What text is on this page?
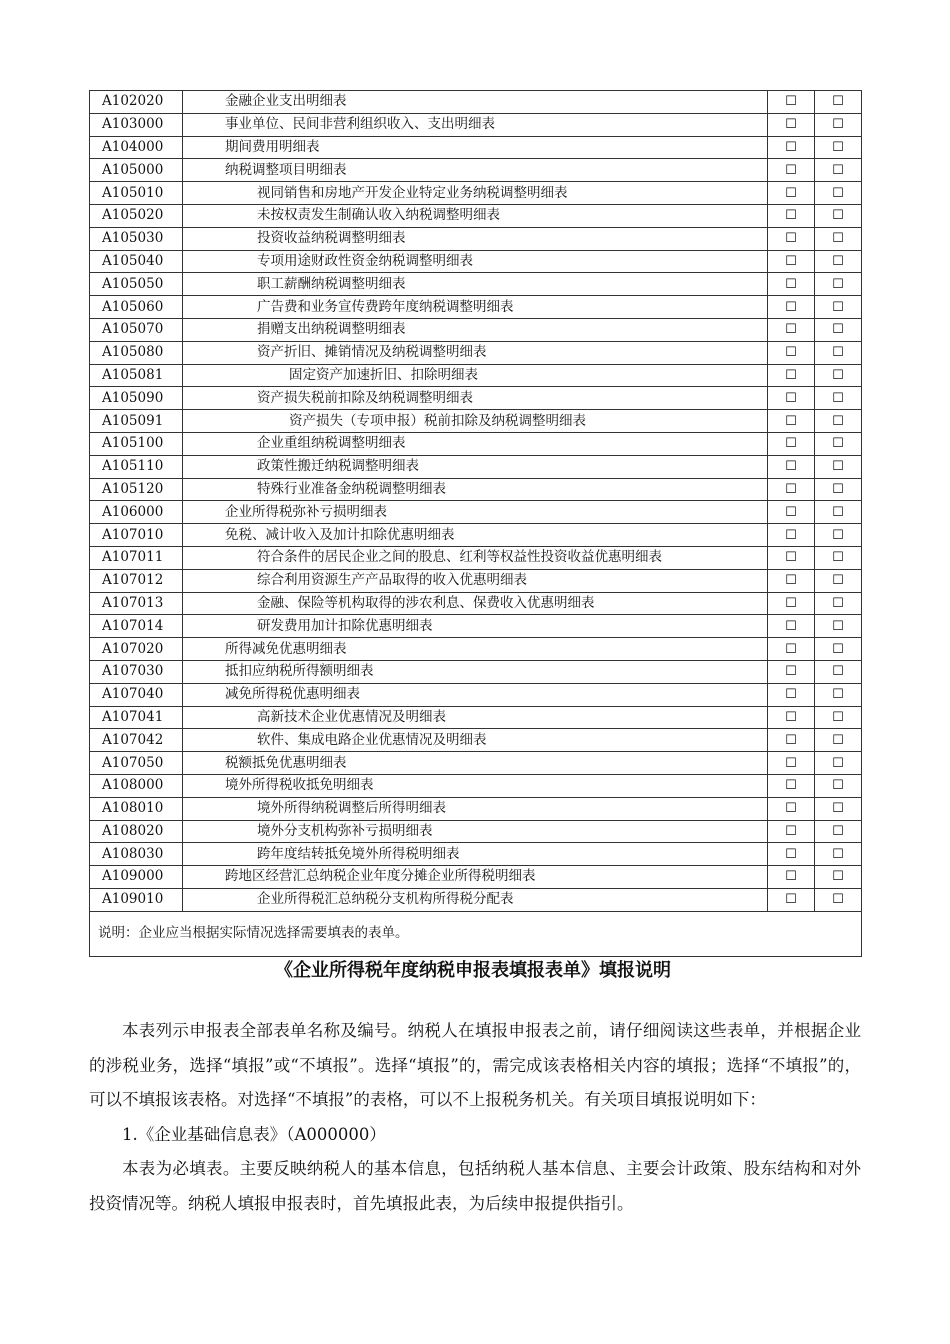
A102020	金融企业支出明细表	☐	☐
A103000	事业单位、民间非营利组织收入、支出明细表	☐	☐
A104000	期间费用明细表	☐	☐
A105000	纳税调整项目明细表	☐	☐
A105010	视同销售和房地产开发企业特定业务纳税调整明细表	☐	☐
A105020	未按权责发生制确认收入纳税调整明细表	☐	☐
A105030	投资收益纳税调整明细表	☐	☐
A105040	专项用途财政性资金纳税调整明细表	☐	☐
A105050	职工薪酬纳税调整明细表	☐	☐
A105060	广告费和业务宣传费跨年度纳税调整明细表	☐	☐
A105070	捐赠支出纳税调整明细表	☐	☐
A105080	资产折旧、摊销情况及纳税调整明细表	☐	☐
A105081	固定资产加速折旧、扣除明细表	☐	☐
A105090	资产损失税前扣除及纳税调整明细表	☐	☐
A105091	资产损失（专项申报）税前扣除及纳税调整明细表	☐	☐
A105100	企业重组纳税调整明细表	☐	☐
A105110	政策性搬迁纳税调整明细表	☐	☐
A105120	特殊行业准备金纳税调整明细表	☐	☐
A106000	企业所得税弥补亏损明细表	☐	☐
A107010	免税、减计收入及加计扣除优惠明细表	☐	☐
A107011	符合条件的居民企业之间的股息、红利等权益性投资收益优惠明细表	☐	☐
A107012	综合利用资源生产产品取得的收入优惠明细表	☐	☐
A107013	金融、保险等机构取得的涉农利息、保费收入优惠明细表	☐	☐
A107014	研发费用加计扣除优惠明细表	☐	☐
A107020	所得减免优惠明细表	☐	☐
A107030	抵扣应纳税所得额明细表	☐	☐
A107040	减免所得税优惠明细表	☐	☐
A107041	高新技术企业优惠情况及明细表	☐	☐
A107042	软件、集成电路企业优惠情况及明细表	☐	☐
A107050	税额抵免优惠明细表	☐	☐
A108000	境外所得税收抵免明细表	☐	☐
A108010	境外所得纳税调整后所得明细表	☐	☐
A108020	境外分支机构弥补亏损明细表	☐	☐
A108030	跨年度结转抵免境外所得税明细表	☐	☐
A109000	跨地区经营汇总纳税企业年度分摊企业所得税明细表	☐	☐
A109010	企业所得税汇总纳税分支机构所得税分配表	☐	☐
说明：企业应当根据实际情况选择需要填表的表单。			
《企业所得税年度纳税申报表填报表单》填报说明

本表列示申报表全部表单名称及编号。纳税人在填报申报表之前，请仔细阅读这些表单，并根据企业的涉税业务，选择“填报”或“不填报”。选择“填报”的，需完成该表格相关内容的填报；选择“不填报”的，可以不填报该表格。对选择“不填报”的表格，可以不上报税务机关。有关项目填报说明如下：

1.《企业基础信息表》（A000000）

本表为必填表。主要反映纳税人的基本信息，包括纳税人基本信息、主要会计政策、股东结构和对外投资情况等。纳税人填报申报表时，首先填报此表，为后续申报提供指引。
